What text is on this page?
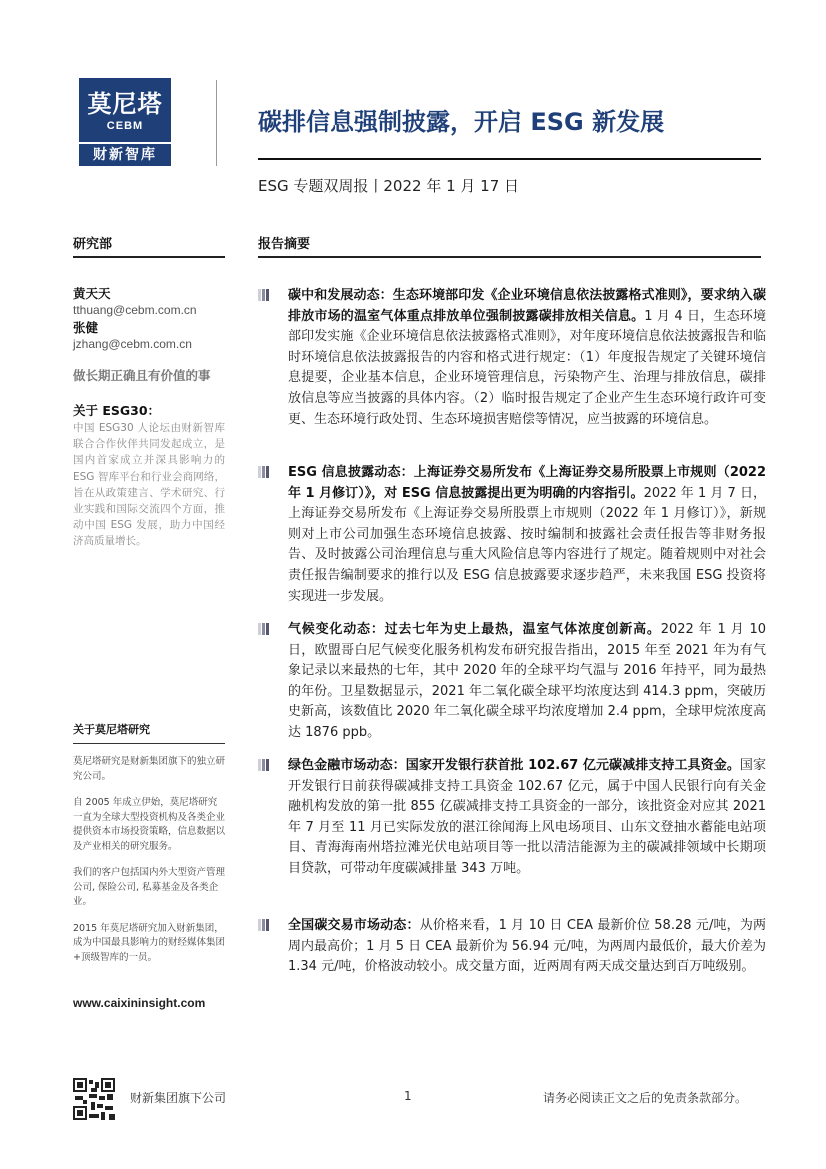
莫尼塔
CEBM
财新智库
碳排信息强制披露，开启 ESG 新发展
ESG 专题双周报丨2022 年 1 月 17 日
研究部	报告摘要
黄天天
tthuang@cebm.com.cn
张健
jzhang@cebm.com.cn
做长期正确且有价值的事
关于 ESG30：
中国 ESG30 人论坛由财新智库联合合作伙伴共同发起成立，是国内首家成立并深具影响力的 ESG 智库平台和行业会商网络，旨在从政策建言、学术研究、行业实践和国际交流四个方面，推动中国 ESG 发展，助力中国经济高质量增长。
关于莫尼塔研究
莫尼塔研究是财新集团旗下的独立研究公司。
自 2005 年成立伊始，莫尼塔研究一直为全球大型投资机构及各类企业提供资本市场投资策略，信息数据以及产业相关的研究服务。
我们的客户包括国内外大型资产管理公司, 保险公司, 私募基金及各类企业。
2015 年莫尼塔研究加入财新集团，成为中国最具影响力的财经媒体集团+顶级智库的一员。
www.caixininsight.com
碳中和发展动态：生态环境部印发《企业环境信息依法披露格式准则》，要求纳入碳排放市场的温室气体重点排放单位强制披露碳排放相关信息。1 月 4 日，生态环境部印发实施《企业环境信息依法披露格式准则》，对年度环境信息依法披露报告和临时环境信息依法披露报告的内容和格式进行规定：（1）年度报告规定了关键环境信息提要，企业基本信息，企业环境管理信息，污染物产生、治理与排放信息，碳排放信息等应当披露的具体内容。（2）临时报告规定了企业产生生态环境行政许可变更、生态环境行政处罚、生态环境损害赔偿等情况，应当披露的环境信息。
ESG 信息披露动态：上海证券交易所发布《上海证券交易所股票上市规则（2022 年 1 月修订）》，对 ESG 信息披露提出更为明确的内容指引。2022 年 1 月 7 日，上海证券交易所发布《上海证券交易所股票上市规则（2022 年 1 月修订）》，新规则对上市公司加强生态环境信息披露、按时编制和披露社会责任报告等非财务报告、及时披露公司治理信息与重大风险信息等内容进行了规定。随着规则中对社会责任报告编制要求的推行以及 ESG 信息披露要求逐步趋严，未来我国 ESG 投资将实现进一步发展。
气候变化动态：过去七年为史上最热，温室气体浓度创新高。2022 年 1 月 10 日，欧盟哥白尼气候变化服务机构发布研究报告指出，2015 年至 2021 年为有气象记录以来最热的七年，其中 2020 年的全球平均气温与 2016 年持平，同为最热的年份。卫星数据显示，2021 年二氧化碳全球平均浓度达到 414.3 ppm，突破历史新高，该数值比 2020 年二氧化碳全球平均浓度增加 2.4 ppm，全球甲烷浓度高达 1876 ppb。
绿色金融市场动态：国家开发银行获首批 102.67 亿元碳减排支持工具资金。国家开发银行日前获得碳减排支持工具资金 102.67 亿元，属于中国人民银行向有关金融机构发放的第一批 855 亿碳减排支持工具资金的一部分，该批资金对应其 2021 年 7 月至 11 月已实际发放的湛江徐闻海上风电场项目、山东文登抽水蓄能电站项目、青海海南州塔拉滩光伏电站项目等一批以清洁能源为主的碳减排领域中长期项目贷款，可带动年度碳减排量 343 万吨。
全国碳交易市场动态：从价格来看，1 月 10 日 CEA 最新价位 58.28 元/吨，为两周内最高价；1 月 5 日 CEA 最新价为 56.94 元/吨，为两周内最低价，最大价差为 1.34 元/吨，价格波动较小。成交量方面，近两周有两天成交量达到百万吨级别。
财新集团旗下公司	1	请务必阅读正文之后的免责条款部分。
